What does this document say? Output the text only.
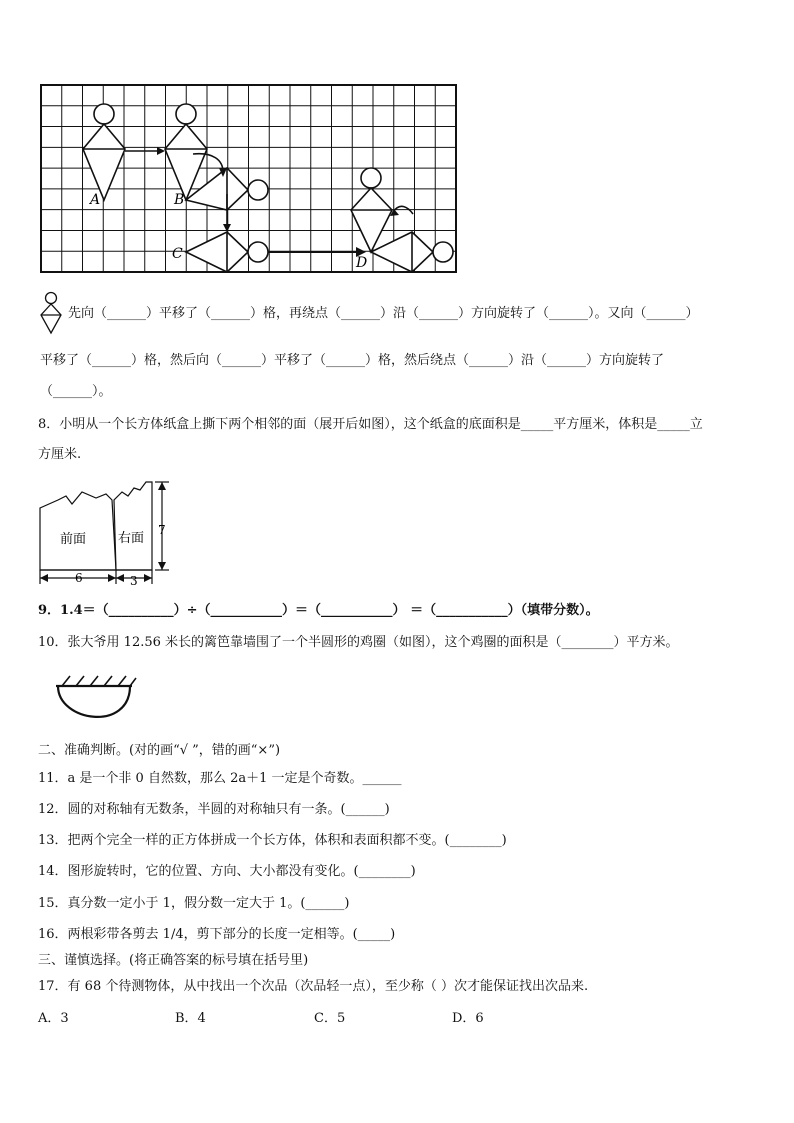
A	B
C
D
先向（______）平移了（______）格，再绕点（______）沿（______）方向旋转了（______）。又向（______）
平移了（______）格，然后向（______）平移了（______）格，然后绕点（______）沿（______）方向旋转了
（______）。
8．小明从一个长方体纸盒上撕下两个相邻的面（展开后如图），这个纸盒的底面积是_____平方厘米，体积是_____立
方厘米.
前面 右面
7
6	3
9．1.4＝（__________）÷（___________）＝（___________） ＝（___________）（填带分数）。
10．张大爷用 12.56 米长的篱笆靠墙围了一个半圆形的鸡圈（如图），这个鸡圈的面积是（________）平方米。
二、准确判断。(对的画“√ ”，错的画“×”)
11．a 是一个非 0 自然数，那么 2a＋1 一定是个奇数。______
12．圆的对称轴有无数条，半圆的对称轴只有一条。(______)
13．把两个完全一样的正方体拼成一个长方体，体积和表面积都不变。(________)
14．图形旋转时，它的位置、方向、大小都没有变化。(________)
15．真分数一定小于 1，假分数一定大于 1。(______)
16．两根彩带各剪去 1/4，剪下部分的长度一定相等。(_____)
三、谨慎选择。(将正确答案的标号填在括号里)
17．有 68 个待测物体，从中找出一个次品（次品轻一点），至少称（ ）次才能保证找出次品来.
A．3	B．4	C．5	D．6
